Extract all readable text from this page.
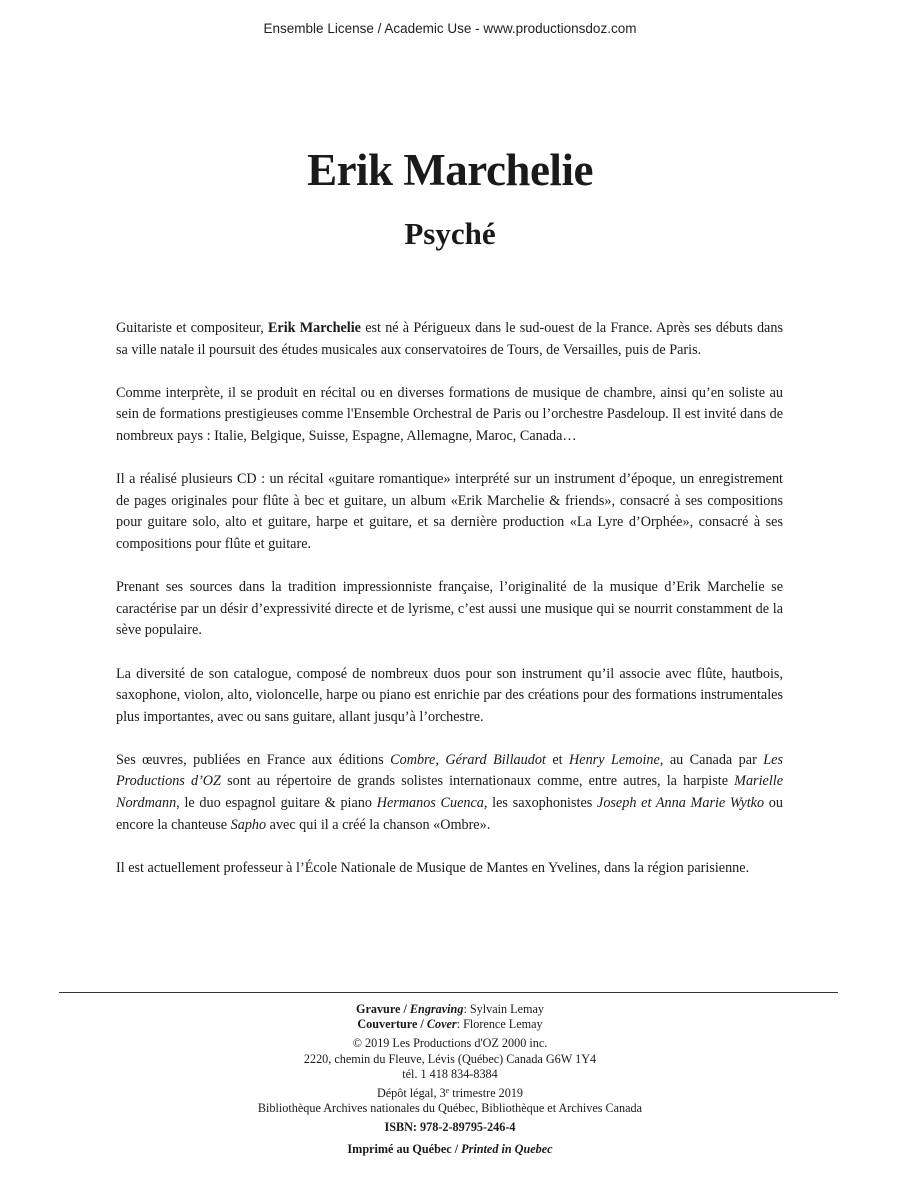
Ensemble License / Academic Use - www.productionsdoz.com
Erik Marchelie
Psyché

Guitariste et compositeur, Erik Marchelie est né à Périgueux dans le sud-ouest de la France. Après ses débuts dans sa ville natale il poursuit des études musicales aux conservatoires de Tours, de Versailles, puis de Paris.

Comme interprète, il se produit en récital ou en diverses formations de musique de chambre, ainsi qu’en soliste au sein de formations prestigieuses comme l'Ensemble Orchestral de Paris ou l’orchestre Pasdeloup. Il est invité dans de nombreux pays : Italie, Belgique, Suisse, Espagne, Allemagne, Maroc, Canada…

Il a réalisé plusieurs CD : un récital «guitare romantique» interprété sur un instrument d’époque, un enregistrement de pages originales pour flûte à bec et guitare, un album «Erik Marchelie & friends», consacré à ses compositions pour guitare solo, alto et guitare, harpe et guitare, et sa dernière production «La Lyre d’Orphée», consacré à ses compositions pour flûte et guitare.

Prenant ses sources dans la tradition impressionniste française, l’originalité de la musique d’Erik Marchelie se caractérise par un désir d’expressivité directe et de lyrisme, c’est aussi une musique qui se nourrit constamment de la sève populaire.

La diversité de son catalogue, composé de nombreux duos pour son instrument qu’il associe avec flûte, hautbois, saxophone, violon, alto, violoncelle, harpe ou piano est enrichie par des créations pour des formations instrumentales plus importantes, avec ou sans guitare, allant jusqu’à l’orchestre.

Ses œuvres, publiées en France aux éditions Combre, Gérard Billaudot et Henry Lemoine, au Canada par Les Productions d’OZ sont au répertoire de grands solistes internationaux comme, entre autres, la harpiste Marielle Nordmann, le duo espagnol guitare & piano Hermanos Cuenca, les saxophonistes Joseph et Anna Marie Wytko ou encore la chanteuse Sapho avec qui il a créé la chanson «Ombre».

Il est actuellement professeur à l’École Nationale de Musique de Mantes en Yvelines, dans la région parisienne.

Gravure / Engraving: Sylvain Lemay
Couverture / Cover: Florence Lemay
© 2019 Les Productions d'OZ 2000 inc.
2220, chemin du Fleuve, Lévis (Québec) Canada G6W 1Y4
tél. 1 418 834-8384
Dépôt légal, 3e trimestre 2019
Bibliothèque Archives nationales du Québec, Bibliothèque et Archives Canada
ISBN: 978-2-89795-246-4
Imprimé au Québec / Printed in Quebec
